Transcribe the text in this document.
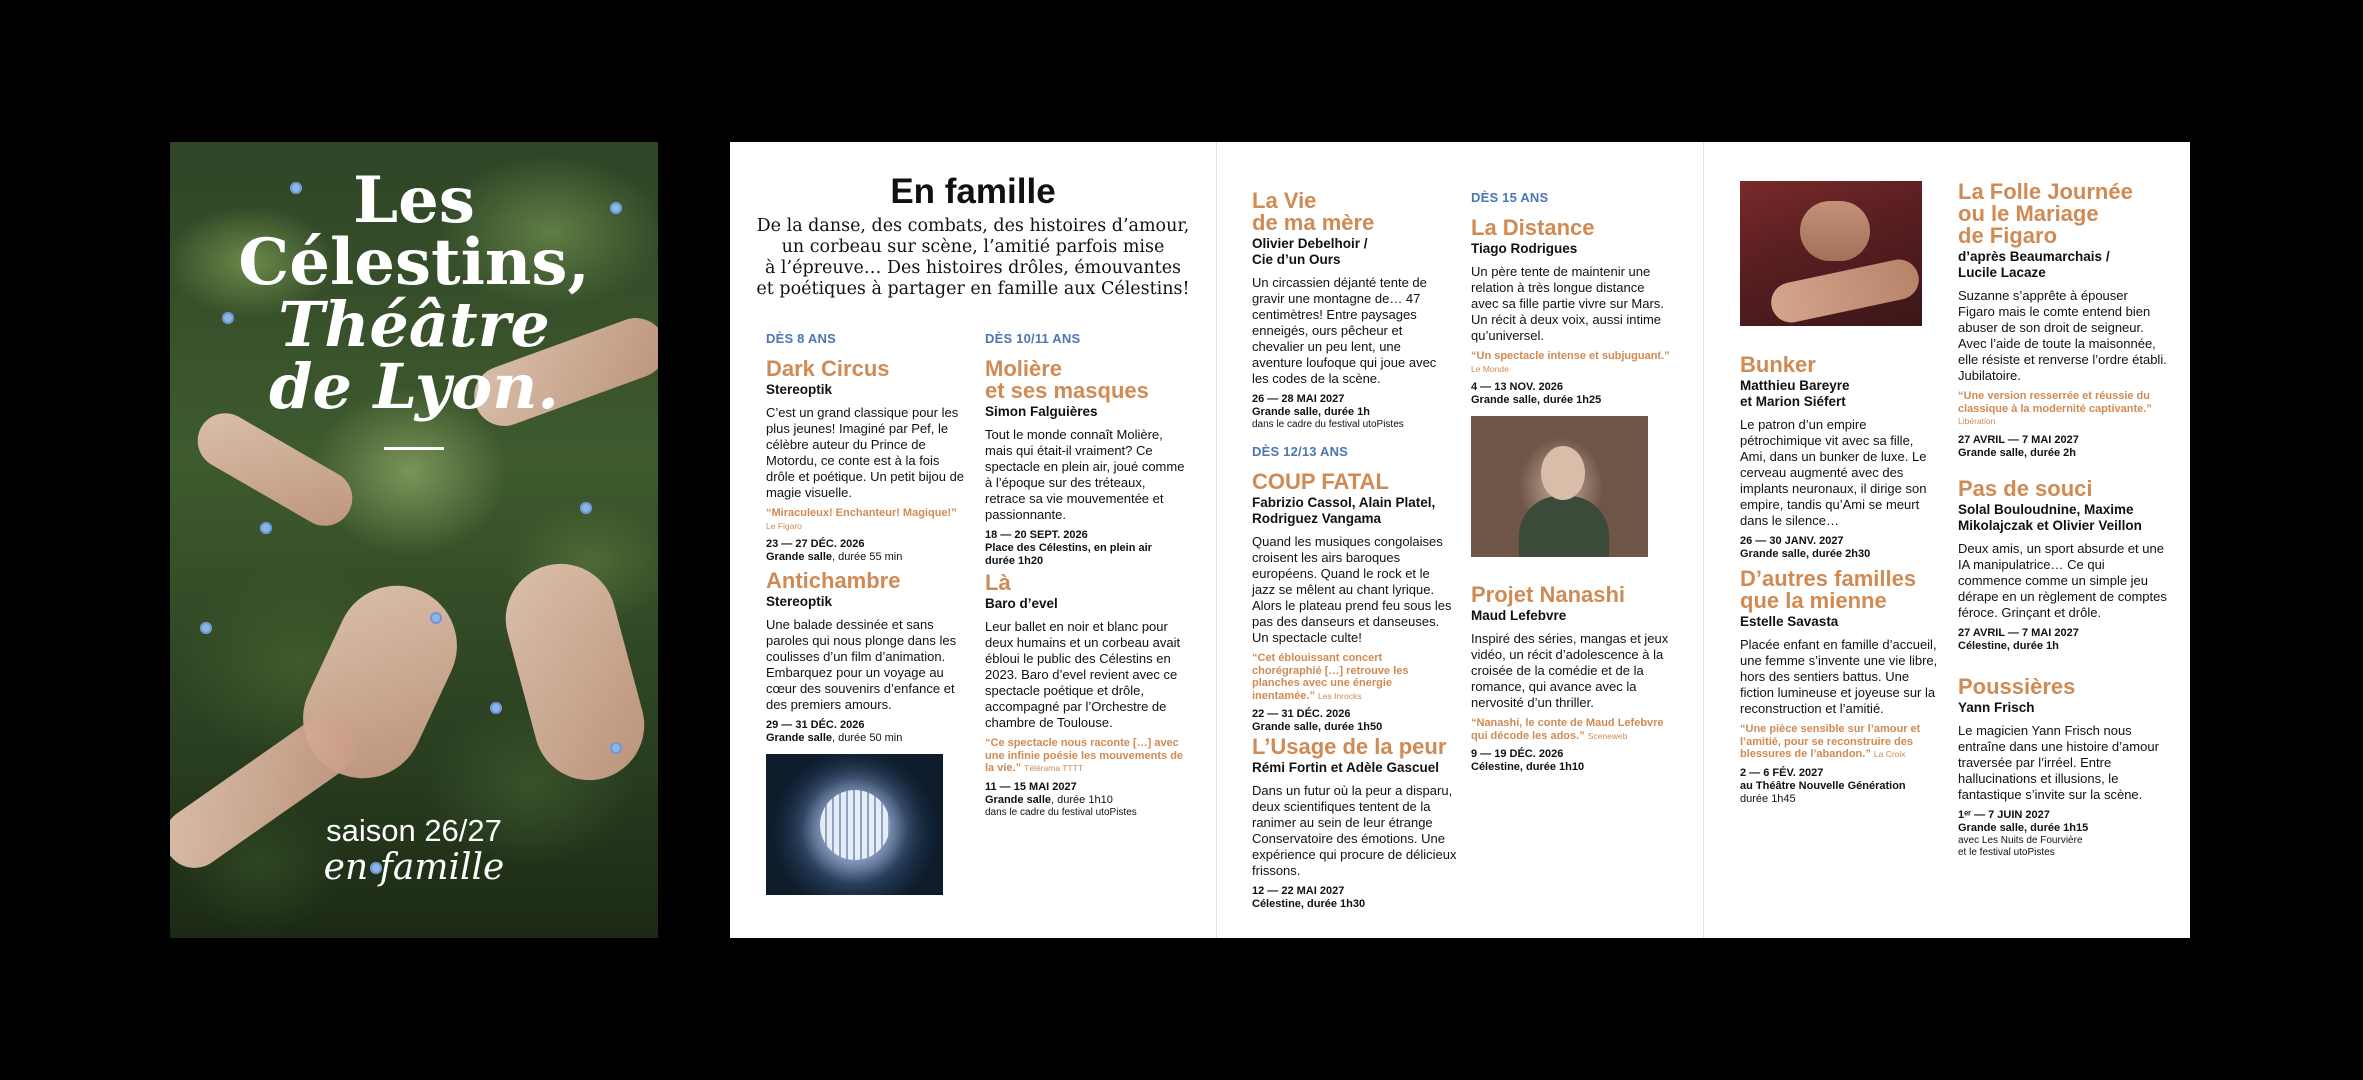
Les
Célestins,
Théâtre
de Lyon.
saison 26/27
en famille
En famille

De la danse, des combats, des histoires d’amour,
un corbeau sur scène, l’amitié parfois mise
à l’épreuve… Des histoires drôles, émouvantes
et poétiques à partager en famille aux Célestins!

DÈS 8 ANS

Dark Circus

Stereoptik

C’est un grand classique pour les plus jeunes! Imaginé par Pef, le célèbre auteur du Prince de Motordu, ce conte est à la fois drôle et poétique. Un petit bijou de magie visuelle.

“Miraculeux! Enchanteur! Magique!” Le Figaro

23 — 27 DÉC. 2026

Grande salle, durée 55 min

Antichambre

Stereoptik

Une balade dessinée et sans paroles qui nous plonge dans les coulisses d’un film d’animation. Embarquez pour un voyage au cœur des souvenirs d’enfance et des premiers amours.

29 — 31 DÉC. 2026

Grande salle, durée 50 min

DÈS 10/11 ANS

Molière
et ses masques

Simon Falguières

Tout le monde connaît Molière, mais qui était-il vraiment? Ce spectacle en plein air, joué comme à l’époque sur des tréteaux, retrace sa vie mouvementée et passionnante.

18 — 20 SEPT. 2026

Place des Célestins, en plein air
durée 1h20

Là

Baro d’evel

Leur ballet en noir et blanc pour deux humains et un corbeau avait ébloui le public des Célestins en 2023. Baro d’evel revient avec ce spectacle poétique et drôle, accompagné par l’Orchestre de chambre de Toulouse.

“Ce spectacle nous raconte […] avec une infinie poésie les mouvements de la vie.” Télérama TTTT

11 — 15 MAI 2027

Grande salle, durée 1h10

dans le cadre du festival utoPistes

La Vie
de ma mère

Olivier Debelhoir /
Cie d’un Ours

Un circassien déjanté tente de gravir une montagne de… 47 centimètres! Entre paysages enneigés, ours pêcheur et chevalier un peu lent, une aventure loufoque qui joue avec les codes de la scène.

26 — 28 MAI 2027

Grande salle, durée 1h

dans le cadre du festival utoPistes

DÈS 12/13 ANS

COUP FATAL

Fabrizio Cassol, Alain Platel,
Rodriguez Vangama

Quand les musiques congolaises croisent les airs baroques européens. Quand le rock et le jazz se mêlent au chant lyrique. Alors le plateau prend feu sous les pas des danseurs et danseuses. Un spectacle culte!

“Cet éblouissant concert chorégraphié […] retrouve les planches avec une énergie inentamée.” Les Inrocks

22 — 31 DÉC. 2026

Grande salle, durée 1h50

L’Usage de la peur

Rémi Fortin et Adèle Gascuel

Dans un futur où la peur a disparu, deux scientifiques tentent de la ranimer au sein de leur étrange Conservatoire des émotions. Une expérience qui procure de délicieux frissons.

12 — 22 MAI 2027

Célestine, durée 1h30

DÈS 15 ANS

La Distance

Tiago Rodrigues

Un père tente de maintenir une relation à très longue distance avec sa fille partie vivre sur Mars. Un récit à deux voix, aussi intime qu’universel.

“Un spectacle intense et subjuguant.” Le Monde

4 — 13 NOV. 2026

Grande salle, durée 1h25

Projet Nanashi

Maud Lefebvre

Inspiré des séries, mangas et jeux vidéo, un récit d’adolescence à la croisée de la comédie et de la romance, qui avance avec la nervosité d’un thriller.

“Nanashi, le conte de Maud Lefebvre qui décode les ados.” Sceneweb

9 — 19 DÉC. 2026

Célestine, durée 1h10

Bunker

Matthieu Bareyre
et Marion Siéfert

Le patron d’un empire pétrochimique vit avec sa fille, Ami, dans un bunker de luxe. Le cerveau augmenté avec des implants neuronaux, il dirige son empire, tandis qu’Ami se meurt dans le silence…

26 — 30 JANV. 2027

Grande salle, durée 2h30

D’autres familles
que la mienne

Estelle Savasta

Placée enfant en famille d’accueil, une femme s’invente une vie libre, hors des sentiers battus. Une fiction lumineuse et joyeuse sur la reconstruction et l’amitié.

“Une pièce sensible sur l’amour et l’amitié, pour se reconstruire des blessures de l’abandon.” La Croix

2 — 6 FÉV. 2027

au Théâtre Nouvelle Génération
durée 1h45

La Folle Journée
ou le Mariage
de Figaro

d’après Beaumarchais /
Lucile Lacaze

Suzanne s’apprête à épouser Figaro mais le comte entend bien abuser de son droit de seigneur. Avec l’aide de toute la maisonnée, elle résiste et renverse l’ordre établi. Jubilatoire.

“Une version resserrée et réussie du classique à la modernité captivante.” Libération

27 AVRIL — 7 MAI 2027

Grande salle, durée 2h

Pas de souci

Solal Bouloudnine, Maxime
Mikolajczak et Olivier Veillon

Deux amis, un sport absurde et une IA manipulatrice… Ce qui commence comme un simple jeu dérape en un règlement de comptes féroce. Grinçant et drôle.

27 AVRIL — 7 MAI 2027

Célestine, durée 1h

Poussières

Yann Frisch

Le magicien Yann Frisch nous entraîne dans une histoire d’amour traversée par l’irréel. Entre hallucinations et illusions, le fantastique s’invite sur la scène.

1ᵉʳ — 7 JUIN 2027

Grande salle, durée 1h15

avec Les Nuits de Fourvière

et le festival utoPistes
